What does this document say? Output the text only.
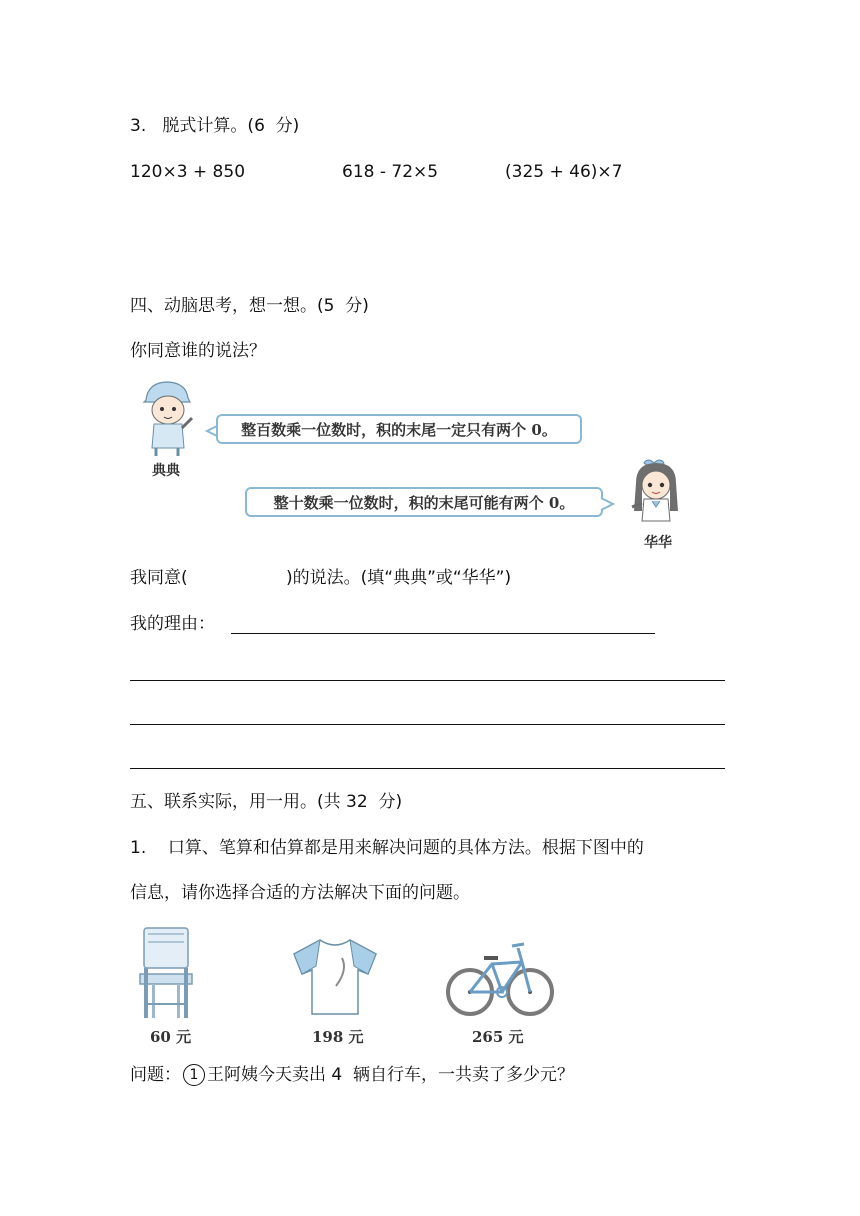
3.   脱式计算。(6  分)
120×3 + 850	618 - 72×5	(325 + 46)×7
四、动脑思考，想一想。(5  分)
你同意谁的说法？
典典
整百数乘一位数时，积的末尾一定只有两个 0。
整十数乘一位数时，积的末尾可能有两个 0。
华华
我同意(	)的说法。(填“典典”或“华华”)
我的理由：
五、联系实际，用一用。(共 32  分)
1.    口算、笔算和估算都是用来解决问题的具体方法。根据下图中的
信息，请你选择合适的方法解决下面的问题。
60 元	198 元	265 元
问题： 1 王阿姨今天卖出 4  辆自行车，一共卖了多少元？
